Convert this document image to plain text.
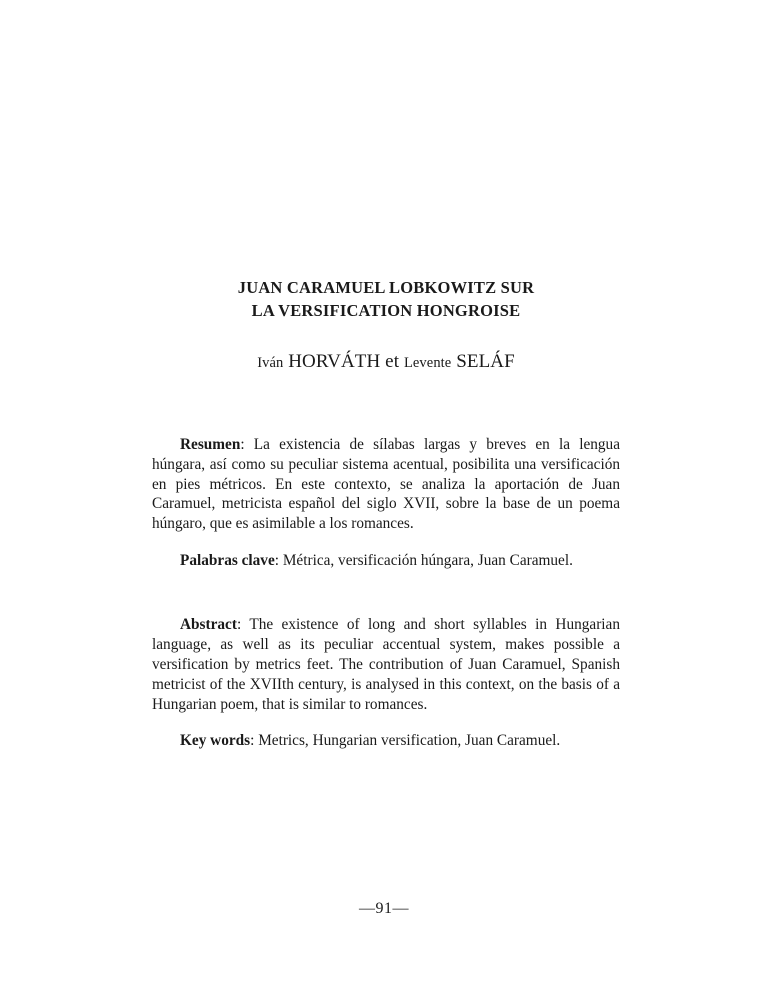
JUAN CARAMUEL LOBKOWITZ SUR
LA VERSIFICATION HONGROISE
Iván HORVÁTH et Levente SELÁF

Resumen: La existencia de sílabas largas y breves en la lengua húngara, así como su peculiar sistema acentual, posibilita una versificación en pies métricos. En este contexto, se analiza la aportación de Juan Caramuel, metricista español del siglo XVII, sobre la base de un poema húngaro, que es asimilable a los romances.

Palabras clave: Métrica, versificación húngara, Juan Caramuel.

Abstract: The existence of long and short syllables in Hungarian language, as well as its peculiar accentual system, makes possible a versification by metrics feet. The contribution of Juan Caramuel, Spanish metricist of the XVIIth century, is analysed in this context, on the basis of a Hungarian poem, that is similar to romances.

Key words: Metrics, Hungarian versification, Juan Caramuel.

—91—
